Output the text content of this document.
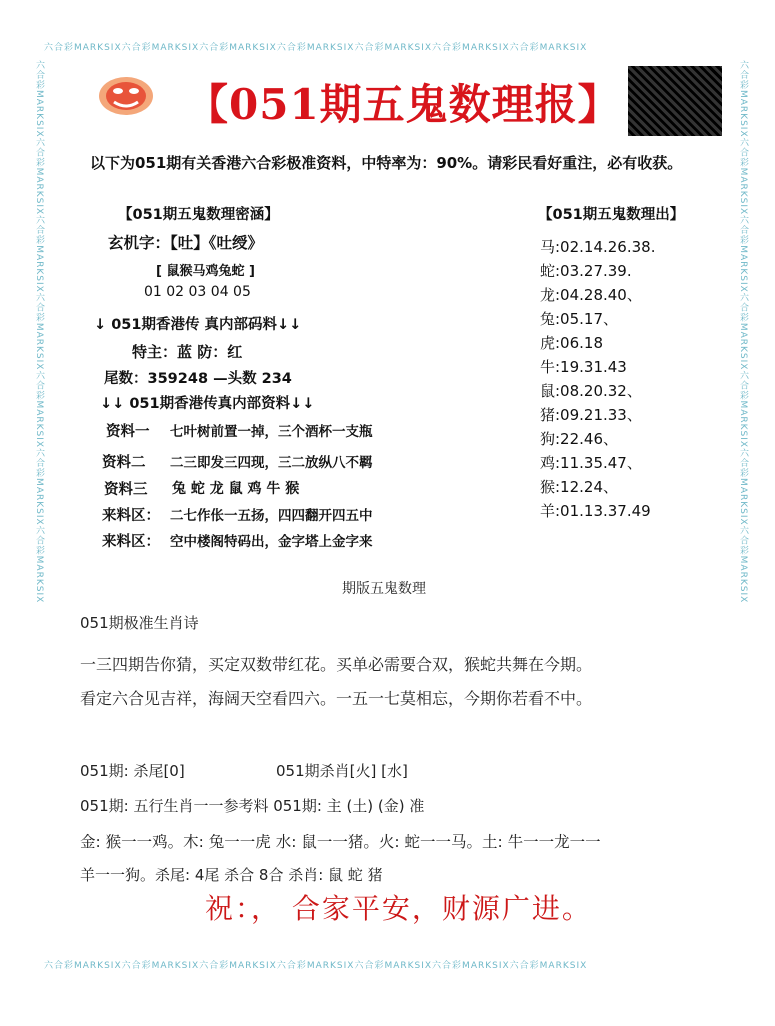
六合彩MARKSIX六合彩MARKSIX六合彩MARKSIX六合彩MARKSIX六合彩MARKSIX六合彩MARKSIX六合彩MARKSIX
六合彩MARKSIX六合彩MARKSIX六合彩MARKSIX六合彩MARKSIX六合彩MARKSIX六合彩MARKSIX六合彩MARKSIX
六合彩MARKSIX六合彩MARKSIX六合彩MARKSIX六合彩MARKSIX六合彩MARKSIX六合彩MARKSIX六合彩MARKSIX	六合彩MARKSIX六合彩MARKSIX六合彩MARKSIX六合彩MARKSIX六合彩MARKSIX六合彩MARKSIX六合彩MARKSIX
【051期五鬼数理报】
以下为051期有关香港六合彩极准资料，中特率为：90%。请彩民看好重注，必有收获。
【051期五鬼数理密涵】
玄机字：【吐】《吐绶》
[ 鼠猴马鸡兔蛇 ]
01 02 03 04 05
↓ 051期香港传 真内部码料↓↓
特主：蓝 防：红
尾数：359248 —头数 234
↓↓ 051期香港传真内部资料↓↓
资料一 七叶树前置一掉，三个酒杯一支瓶
资料二 二三即发三四现，三二放纵八不羁
资料三 兔 蛇 龙 鼠 鸡 牛 猴
来料区： 二七作伥一五扬，四四翻开四五中
来料区： 空中楼阁特码出，金字塔上金字来
【051期五鬼数理出】
马:02.14.26.38.
蛇:03.27.39.
龙:04.28.40、
兔:05.17、
虎:06.18
牛:19.31.43
鼠:08.20.32、
猪:09.21.33、
狗:22.46、
鸡:11.35.47、
猴:12.24、
羊:01.13.37.49
期版五鬼数理
051期极准生肖诗
一三四期告你猜，买定双数带红花。买单必需要合双，猴蛇共舞在今期。
看定六合见吉祥，海阔天空看四六。一五一七莫相忘，今期你若看不中。
051期: 杀尾[0]	051期杀肖[火] [水]
051期: 五行生肖一一参考料 051期: 主 (土) (金) 准
金: 猴一一鸡。木: 兔一一虎 水: 鼠一一猪。火: 蛇一一马。土: 牛一一龙一一
羊一一狗。杀尾: 4尾 杀合 8合 杀肖: 鼠 蛇 猪
祝：， 合家平安，财源广进。
